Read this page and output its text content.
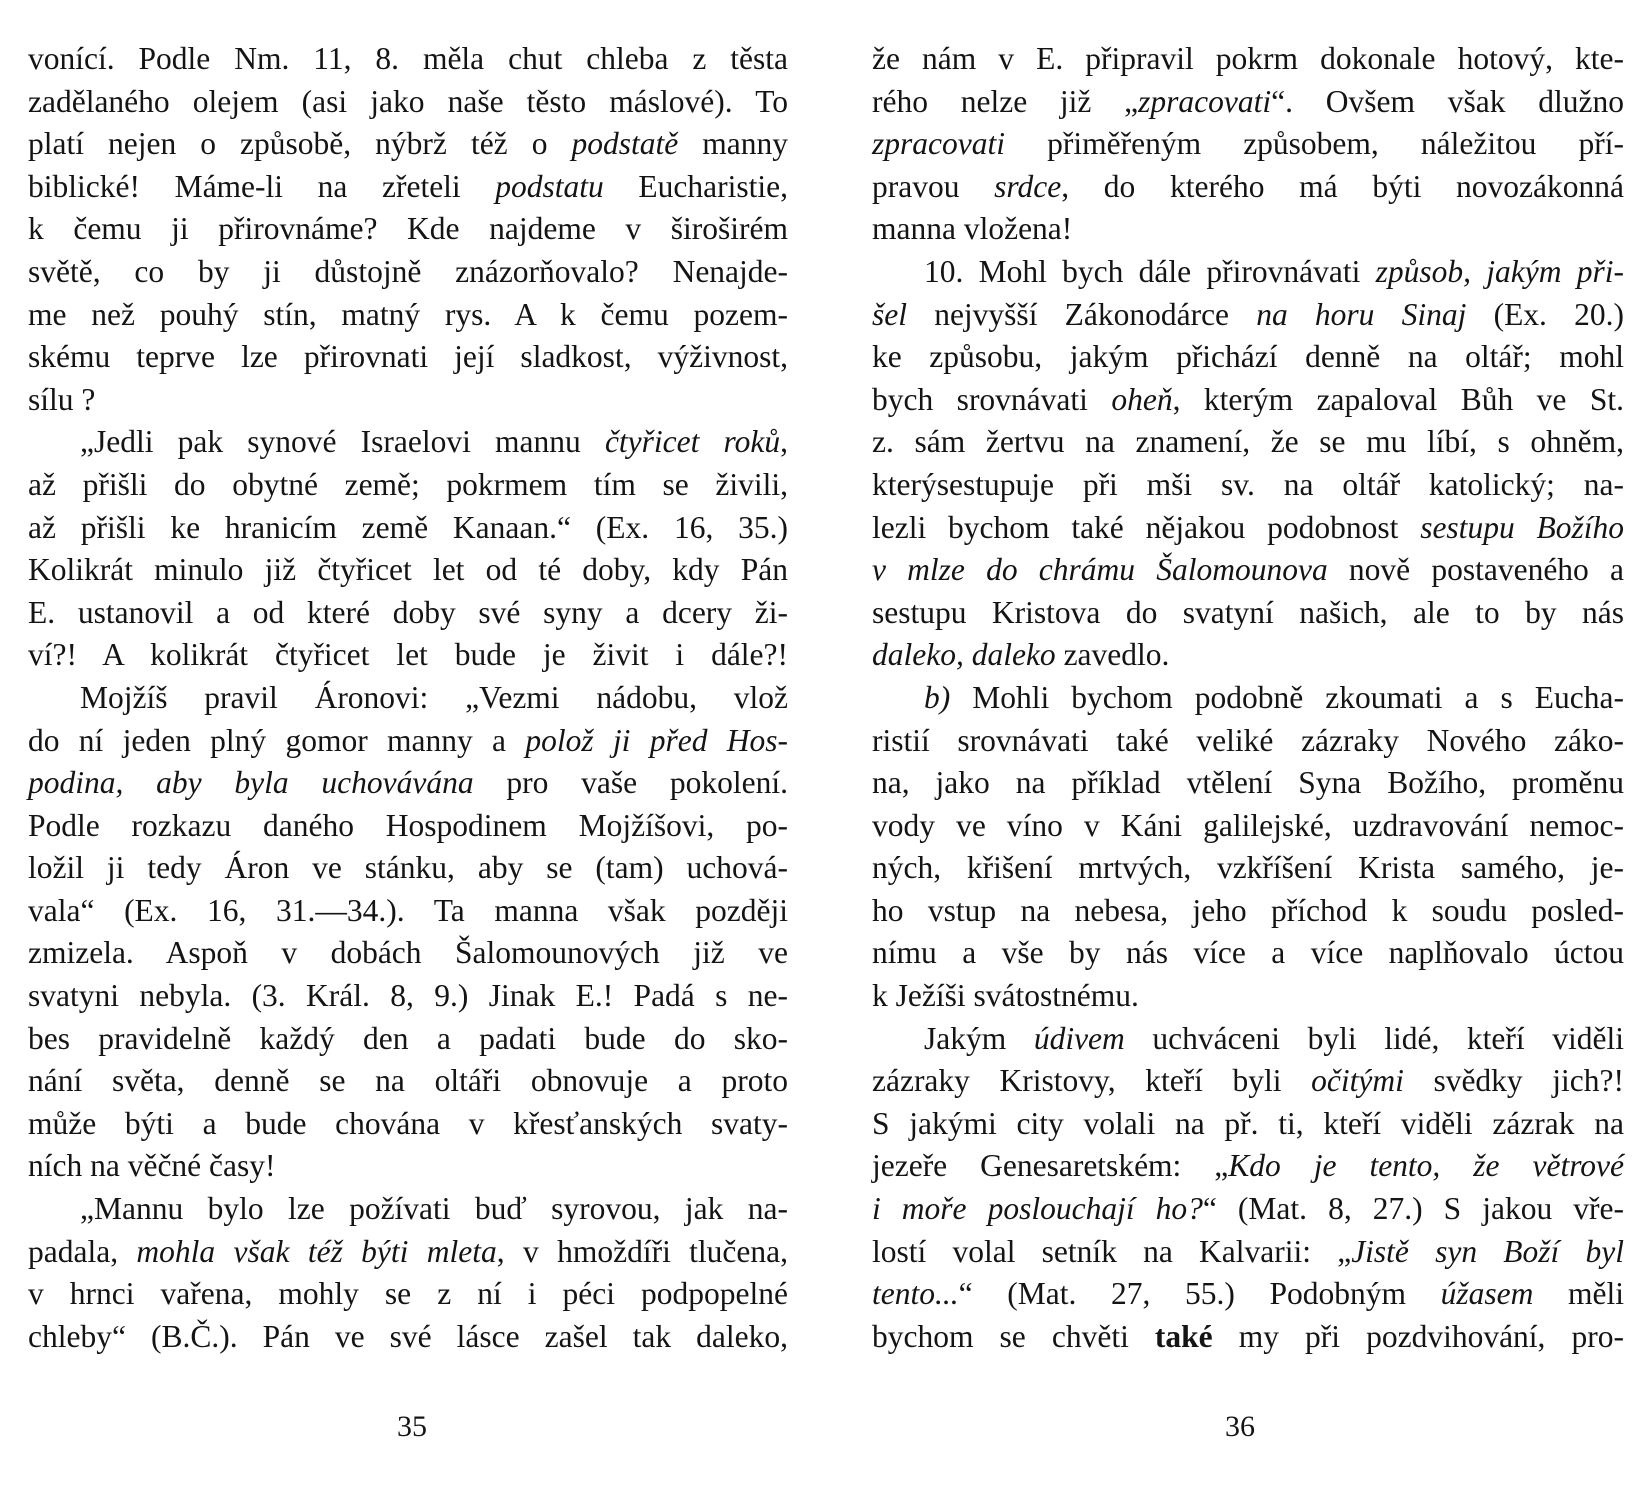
vonící. Podle Nm. 11, 8. měla chut chleba z těsta
zadělaného olejem (asi jako naše těsto máslové). To
platí nejen o způsobě, nýbrž též o podstatě manny
biblické! Máme-li na zřeteli podstatu Eucharistie,
k čemu ji přirovnáme? Kde najdeme v široširém
světě, co by ji důstojně znázorňovalo? Nenajde-
me než pouhý stín, matný rys. A k čemu pozem-
skému teprve lze přirovnati její sladkost, výživnost,
sílu ?
„Jedli pak synové Israelovi mannu čtyřicet roků,
až přišli do obytné země; pokrmem tím se živili,
až přišli ke hranicím země Kanaan.“ (Ex. 16, 35.)
Kolikrát minulo již čtyřicet let od té doby, kdy Pán
E. ustanovil a od které doby své syny a dcery ži-
ví?! A kolikrát čtyřicet let bude je živit i dále?!
Mojžíš pravil Áronovi: „Vezmi nádobu, vlož
do ní jeden plný gomor manny a polož ji před Hos-
podina, aby byla uchovávána pro vaše pokolení.
Podle rozkazu daného Hospodinem Mojžíšovi, po-
ložil ji tedy Áron ve stánku, aby se (tam) uchová-
vala“ (Ex. 16, 31.—34.). Ta manna však později
zmizela. Aspoň v dobách Šalomounových již ve
svatyni nebyla. (3. Král. 8, 9.) Jinak E.! Padá s ne-
bes pravidelně každý den a padati bude do sko-
nání světa, denně se na oltáři obnovuje a proto
může býti a bude chována v křesťanských svaty-
ních na věčné časy!
„Mannu bylo lze požívati buď syrovou, jak na-
padala, mohla však též býti mleta, v hmoždíři tlučena,
v hrnci vařena, mohly se z ní i péci podpopelné
chleby“ (B.Č.). Pán ve své lásce zašel tak daleko,
35
že nám v E. připravil pokrm dokonale hotový, kte-
rého nelze již „zpracovati“. Ovšem však dlužno
zpracovati přiměřeným způsobem, náležitou pří-
pravou srdce, do kterého má býti novozákonná
manna vložena!
10. Mohl bych dále přirovnávati způsob, jakým při-
šel nejvyšší Zákonodárce na horu Sinaj (Ex. 20.)
ke způsobu, jakým přichází denně na oltář; mohl
bych srovnávati oheň, kterým zapaloval Bůh ve St.
z. sám žertvu na znamení, že se mu líbí, s ohněm,
kterýsestupuje při mši sv. na oltář katolický; na-
lezli bychom také nějakou podobnost sestupu Božího
v mlze do chrámu Šalomounova nově postaveného a
sestupu Kristova do svatyní našich, ale to by nás
daleko, daleko zavedlo.
b) Mohli bychom podobně zkoumati a s Eucha-
ristií srovnávati také veliké zázraky Nového záko-
na, jako na příklad vtělení Syna Božího, proměnu
vody ve víno v Káni galilejské, uzdravování nemoc-
ných, křišení mrtvých, vzkříšení Krista samého, je-
ho vstup na nebesa, jeho příchod k soudu posled-
nímu a vše by nás více a více naplňovalo úctou
k Ježíši svátostnému.
Jakým údivem uchváceni byli lidé, kteří viděli
zázraky Kristovy, kteří byli očitými svědky jich?!
S jakými city volali na př. ti, kteří viděli zázrak na
jezeře Genesaretském: „Kdo je tento, že větrové
i moře poslouchají ho?“ (Mat. 8, 27.) S jakou vře-
lostí volal setník na Kalvarii: „Jistě syn Boží byl
tento...“ (Mat. 27, 55.) Podobným úžasem měli
bychom se chvěti také my při pozdvihování, pro-
36
